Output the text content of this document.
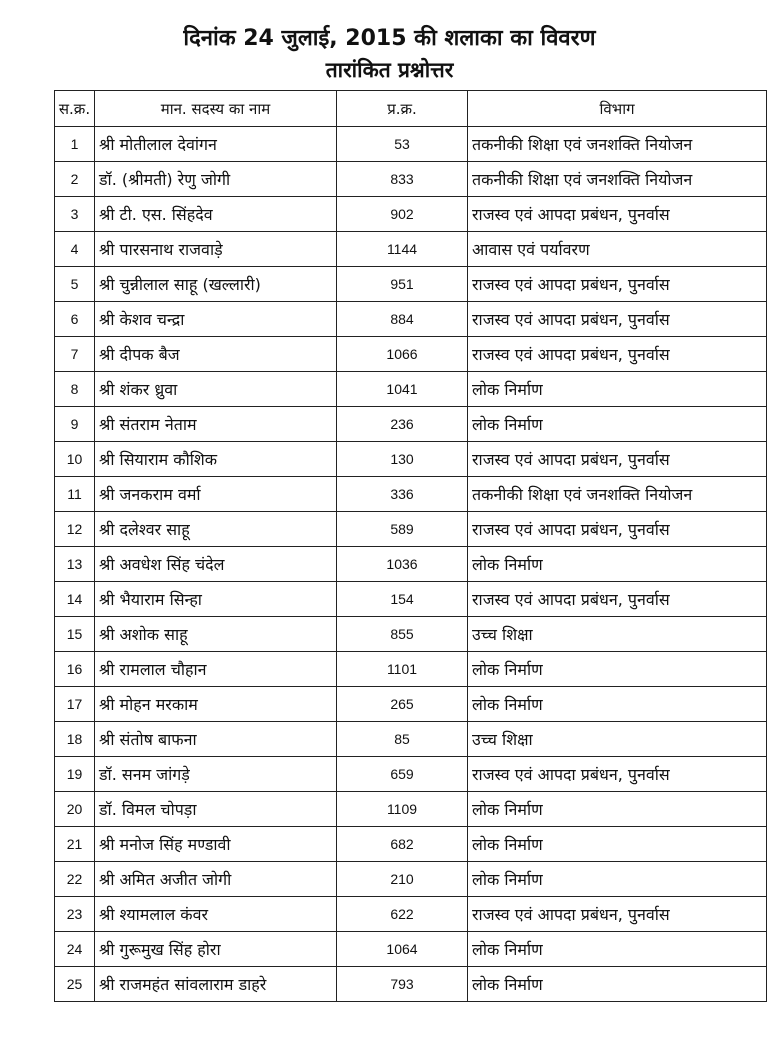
दिनांक 24 जुलाई, 2015 की शलाका का विवरण
तारांकित प्रश्नोत्तर
स.क्र.	मान. सदस्य का नाम	प्र.क्र.	विभाग
1	श्री मोतीलाल देवांगन	53	तकनीकी शिक्षा एवं जनशक्ति नियोजन
2	डॉ. (श्रीमती) रेणु जोगी	833	तकनीकी शिक्षा एवं जनशक्ति नियोजन
3	श्री टी. एस. सिंहदेव	902	राजस्व एवं आपदा प्रबंधन, पुनर्वास
4	श्री पारसनाथ राजवाड़े	1144	आवास एवं पर्यावरण
5	श्री चुन्नीलाल साहू (खल्लारी)	951	राजस्व एवं आपदा प्रबंधन, पुनर्वास
6	श्री केशव चन्द्रा	884	राजस्व एवं आपदा प्रबंधन, पुनर्वास
7	श्री दीपक बैज	1066	राजस्व एवं आपदा प्रबंधन, पुनर्वास
8	श्री शंकर ध्रुवा	1041	लोक निर्माण
9	श्री संतराम नेताम	236	लोक निर्माण
10	श्री सियाराम कौशिक	130	राजस्व एवं आपदा प्रबंधन, पुनर्वास
11	श्री जनकराम वर्मा	336	तकनीकी शिक्षा एवं जनशक्ति नियोजन
12	श्री दलेश्वर साहू	589	राजस्व एवं आपदा प्रबंधन, पुनर्वास
13	श्री अवधेश सिंह चंदेल	1036	लोक निर्माण
14	श्री भैयाराम सिन्हा	154	राजस्व एवं आपदा प्रबंधन, पुनर्वास
15	श्री अशोक साहू	855	उच्च शिक्षा
16	श्री रामलाल चौहान	1101	लोक निर्माण
17	श्री मोहन मरकाम	265	लोक निर्माण
18	श्री संतोष बाफना	85	उच्च शिक्षा
19	डॉ. सनम जांगड़े	659	राजस्व एवं आपदा प्रबंधन, पुनर्वास
20	डॉ. विमल चोपड़ा	1109	लोक निर्माण
21	श्री मनोज सिंह मण्डावी	682	लोक निर्माण
22	श्री अमित अजीत जोगी	210	लोक निर्माण
23	श्री श्यामलाल कंवर	622	राजस्व एवं आपदा प्रबंधन, पुनर्वास
24	श्री गुरूमुख सिंह होरा	1064	लोक निर्माण
25	श्री राजमहंत सांवलाराम डाहरे	793	लोक निर्माण
